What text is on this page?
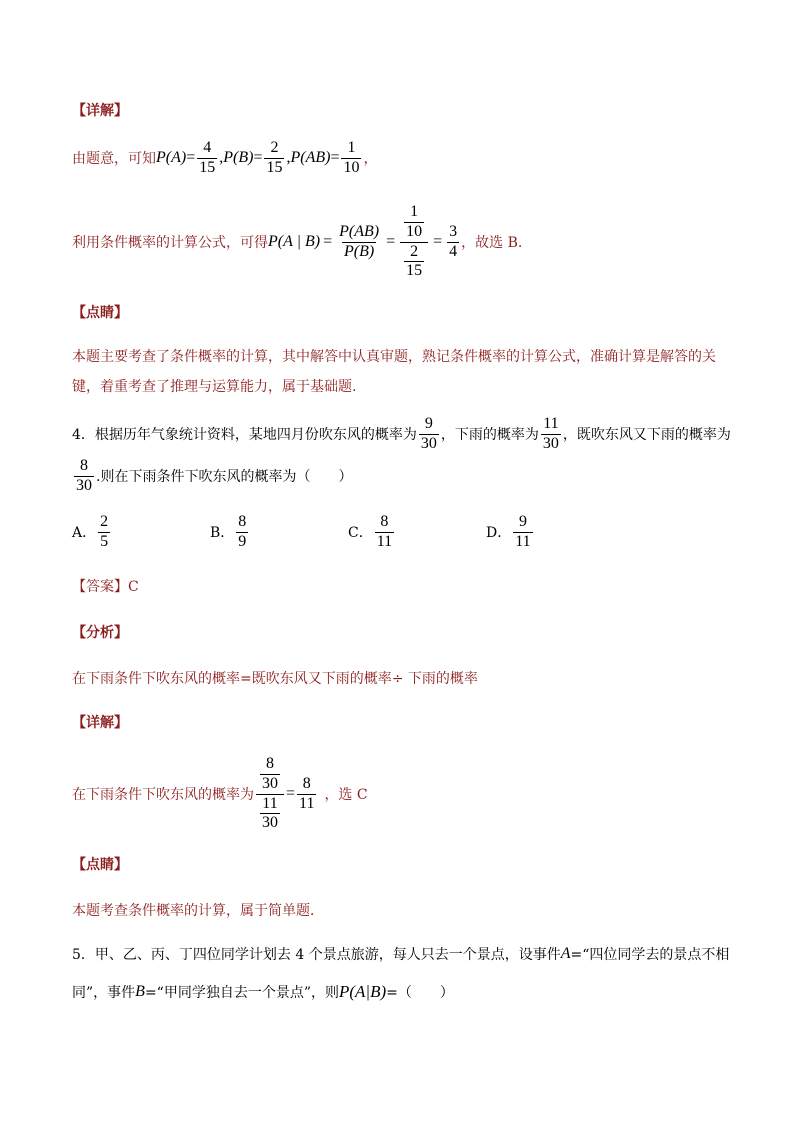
【详解】
由题意，可知 $P(A) = \frac{4}{15}$ , $P(B) = \frac{2}{15}$ , $P(AB) = \frac{1}{10}$ ，
利用条件概率的计算公式，可得 P(A | $B) = \frac{P(AB)}{P(B)} = \frac{\frac{1}{10}}{\frac{2}{15}} = \frac{3}{4}$ ，故选 B.
【点睛】
本题主要考查了条件概率的计算，其中解答中认真审题，熟记条件概率的计算公式，准确计算是解答的关
键，着重考查了推理与运算能力，属于基础题.
4．根据历年气象统计资料，某地四月份吹东风的概率为 $\frac{9}{30}$ ，下雨的概率为 $\frac{11}{30}$ ，既吹东风又下雨的概率为
$\frac{8}{30}$ .则在下雨条件下吹东风的概率为（　　）
A． $\frac{2}{5}$	B． $\frac{8}{9}$	C． $\frac{8}{11}$	D． $\frac{9}{11}$
【答案】C
【分析】
在下雨条件下吹东风的概率=既吹东风又下雨的概率÷ 下雨的概率
【详解】
在下雨条件下吹东风的概率为 $\frac{\frac{8}{30}}{\frac{11}{30}} = \frac{8}{11}$ ，选 C
【点睛】
本题考查条件概率的计算，属于简单题．
5．甲、乙、丙、丁四位同学计划去 4 个景点旅游，每人只去一个景点，设事件 A =“四位同学去的景点不相
同”，事件 B =“甲同学独自去一个景点”，则 P(A|B) =（　　）
